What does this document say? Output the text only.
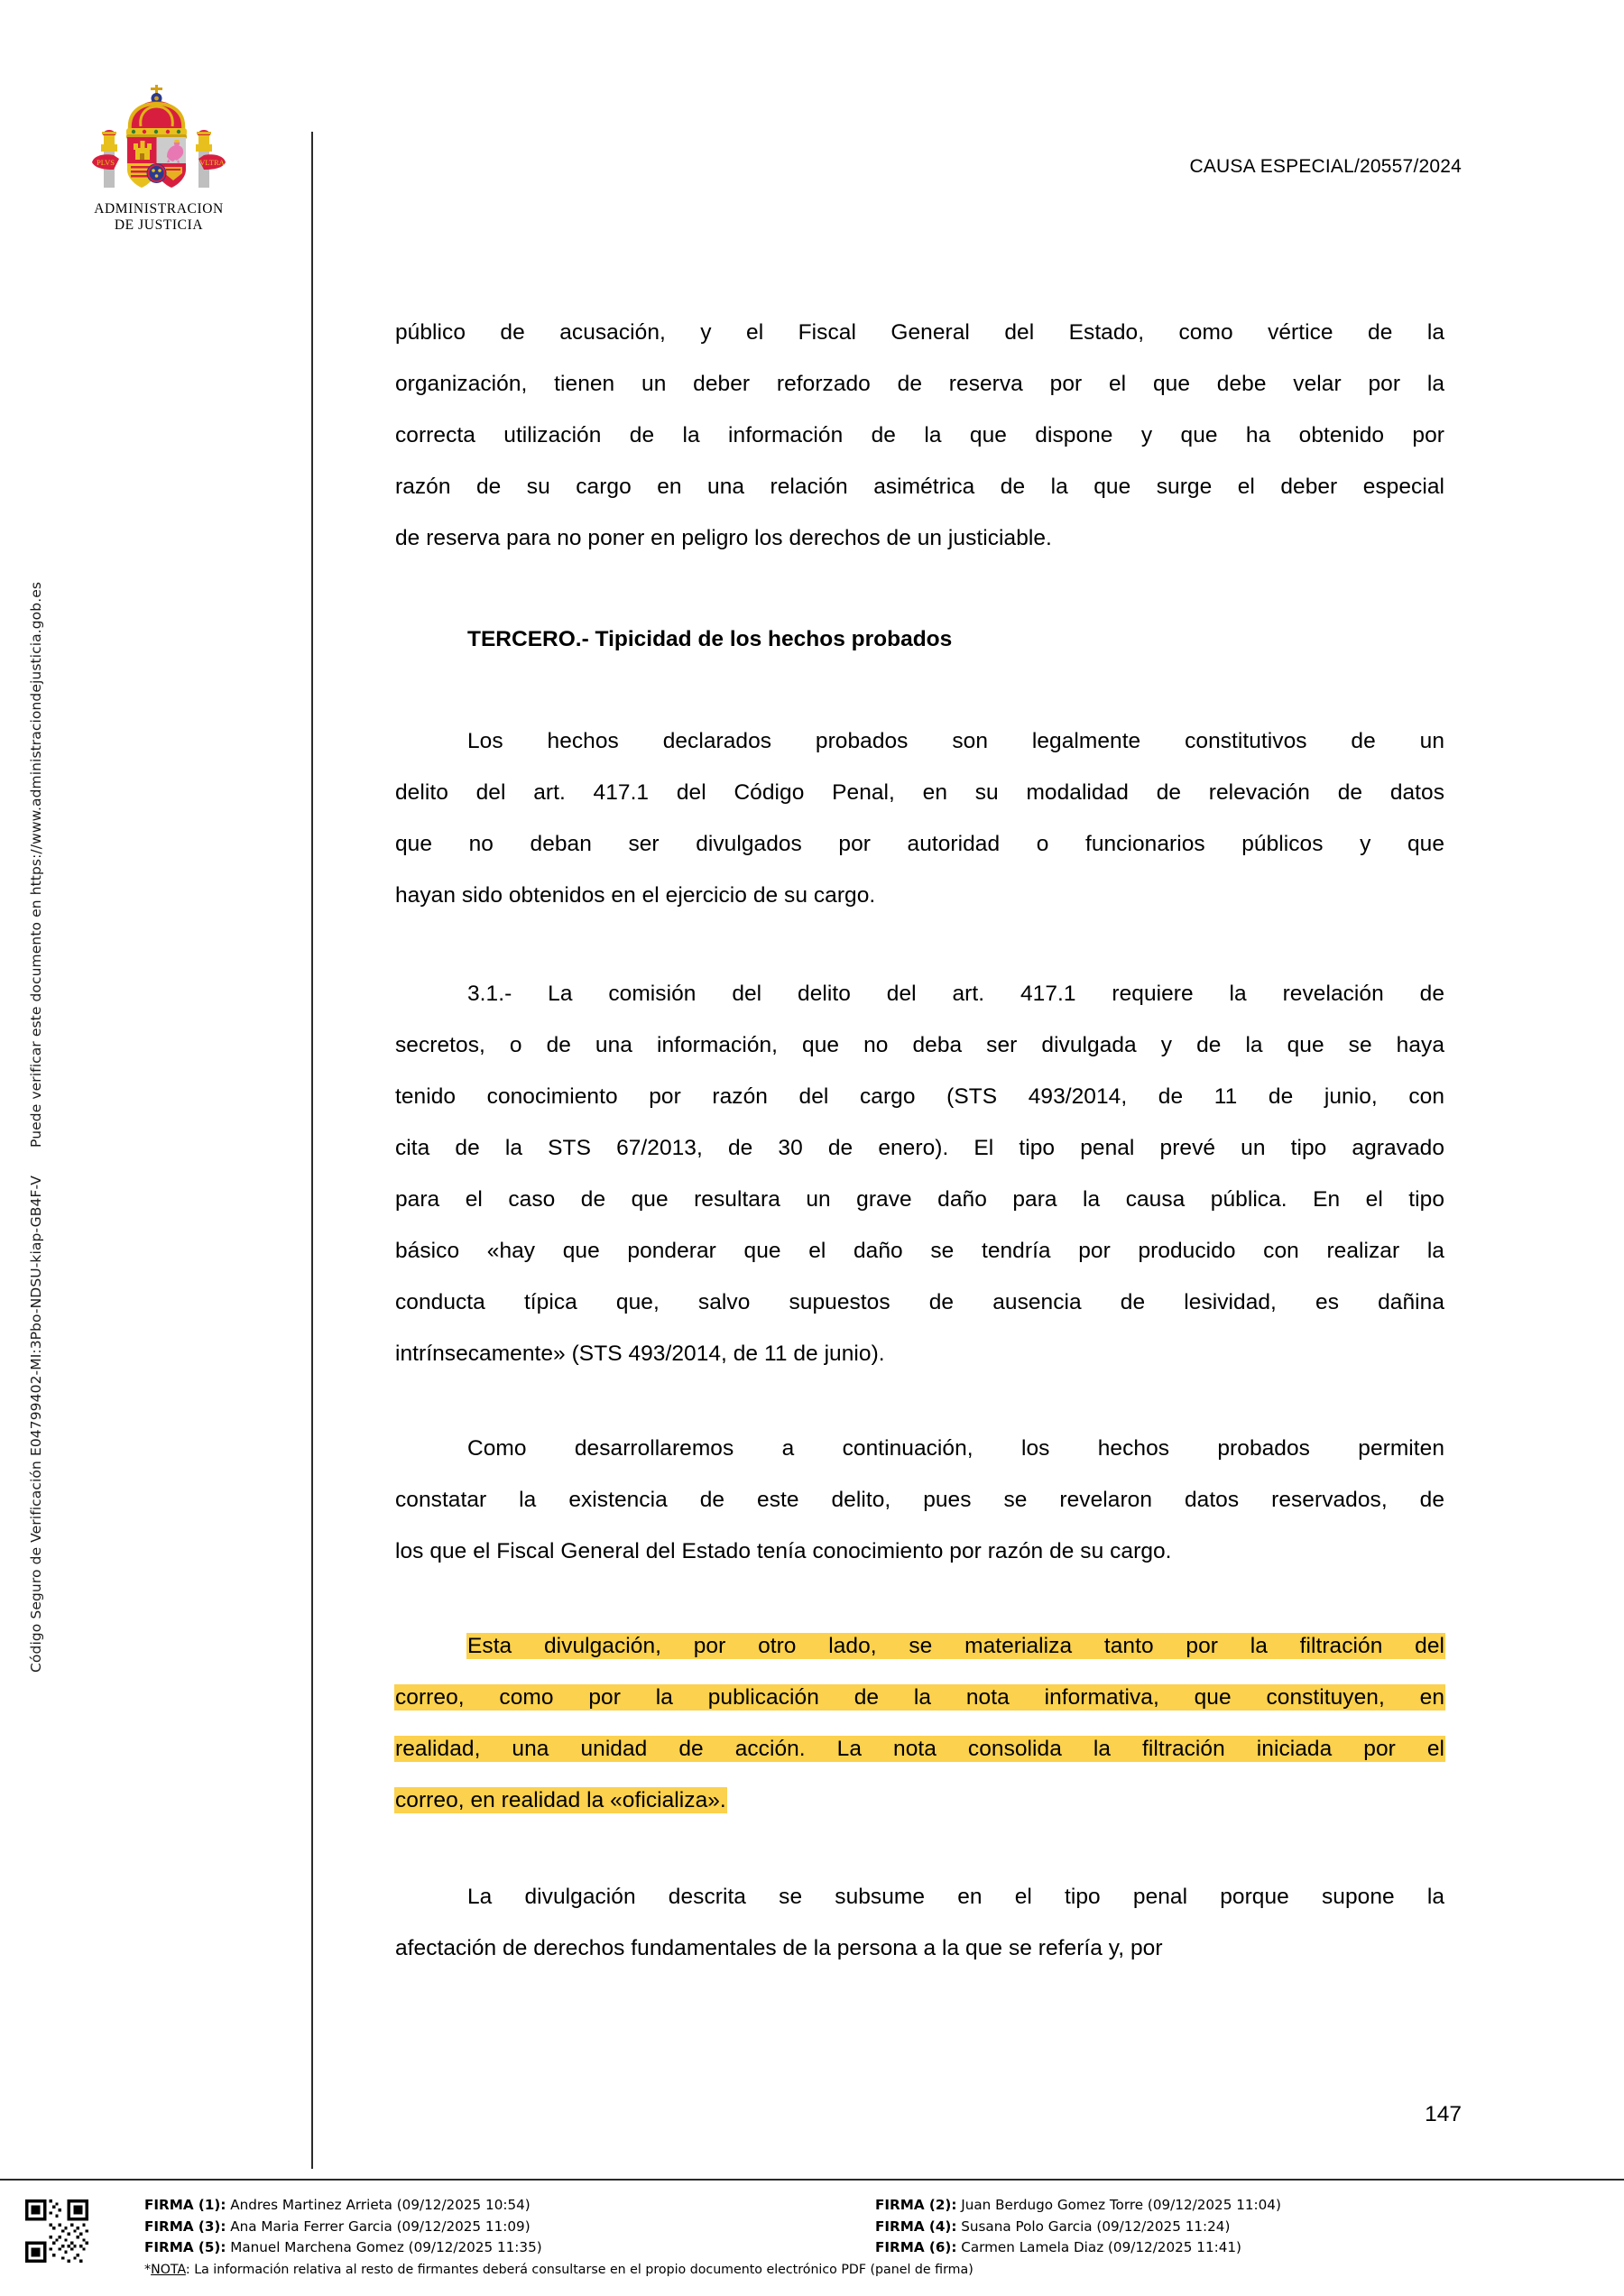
Código Seguro de Verificación E04799402-MI:3Pbo-NDSU-kiap-GB4F-V Puede verificar este documento en https://www.administraciondejusticia.gob.es
PLVS	VLTRA
ADMINISTRACION
DE JUSTICIA
CAUSA ESPECIAL/20557/2024
público de acusación, y el Fiscal General del Estado, como vértice de la
organización, tienen un deber reforzado de reserva por el que debe velar por la
correcta utilización de la información de la que dispone y que ha obtenido por
razón de su cargo en una relación asimétrica de la que surge el deber especial
de reserva para no poner en peligro los derechos de un justiciable.
TERCERO.- Tipicidad de los hechos probados
Los hechos declarados probados son legalmente constitutivos de un
delito del art. 417.1 del Código Penal, en su modalidad de relevación de datos
que no deban ser divulgados por autoridad o funcionarios públicos y que
hayan sido obtenidos en el ejercicio de su cargo.
3.1.- La comisión del delito del art. 417.1 requiere la revelación de
secretos, o de una información, que no deba ser divulgada y de la que se haya
tenido conocimiento por razón del cargo (STS 493/2014, de 11 de junio, con
cita de la STS 67/2013, de 30 de enero). El tipo penal prevé un tipo agravado
para el caso de que resultara un grave daño para la causa pública. En el tipo
básico «hay que ponderar que el daño se tendría por producido con realizar la
conducta típica que, salvo supuestos de ausencia de lesividad, es dañina
intrínsecamente» (STS 493/2014, de 11 de junio).
Como desarrollaremos a continuación, los hechos probados permiten
constatar la existencia de este delito, pues se revelaron datos reservados, de
los que el Fiscal General del Estado tenía conocimiento por razón de su cargo.
Esta divulgación, por otro lado, se materializa tanto por la filtración del
correo, como por la publicación de la nota informativa, que constituyen, en
realidad, una unidad de acción. La nota consolida la filtración iniciada por el
correo, en realidad la «oficializa».
La divulgación descrita se subsume en el tipo penal porque supone la
afectación de derechos fundamentales de la persona a la que se refería y, por
147
FIRMA (1): Andres Martinez Arrieta (09/12/2025 10:54)	FIRMA (2): Juan Berdugo Gomez Torre (09/12/2025 11:04)
FIRMA (3): Ana Maria Ferrer Garcia (09/12/2025 11:09)	FIRMA (4): Susana Polo Garcia (09/12/2025 11:24)
FIRMA (5): Manuel Marchena Gomez (09/12/2025 11:35)	FIRMA (6): Carmen Lamela Diaz (09/12/2025 11:41)
*NOTA: La información relativa al resto de firmantes deberá consultarse en el propio documento electrónico PDF (panel de firma)
